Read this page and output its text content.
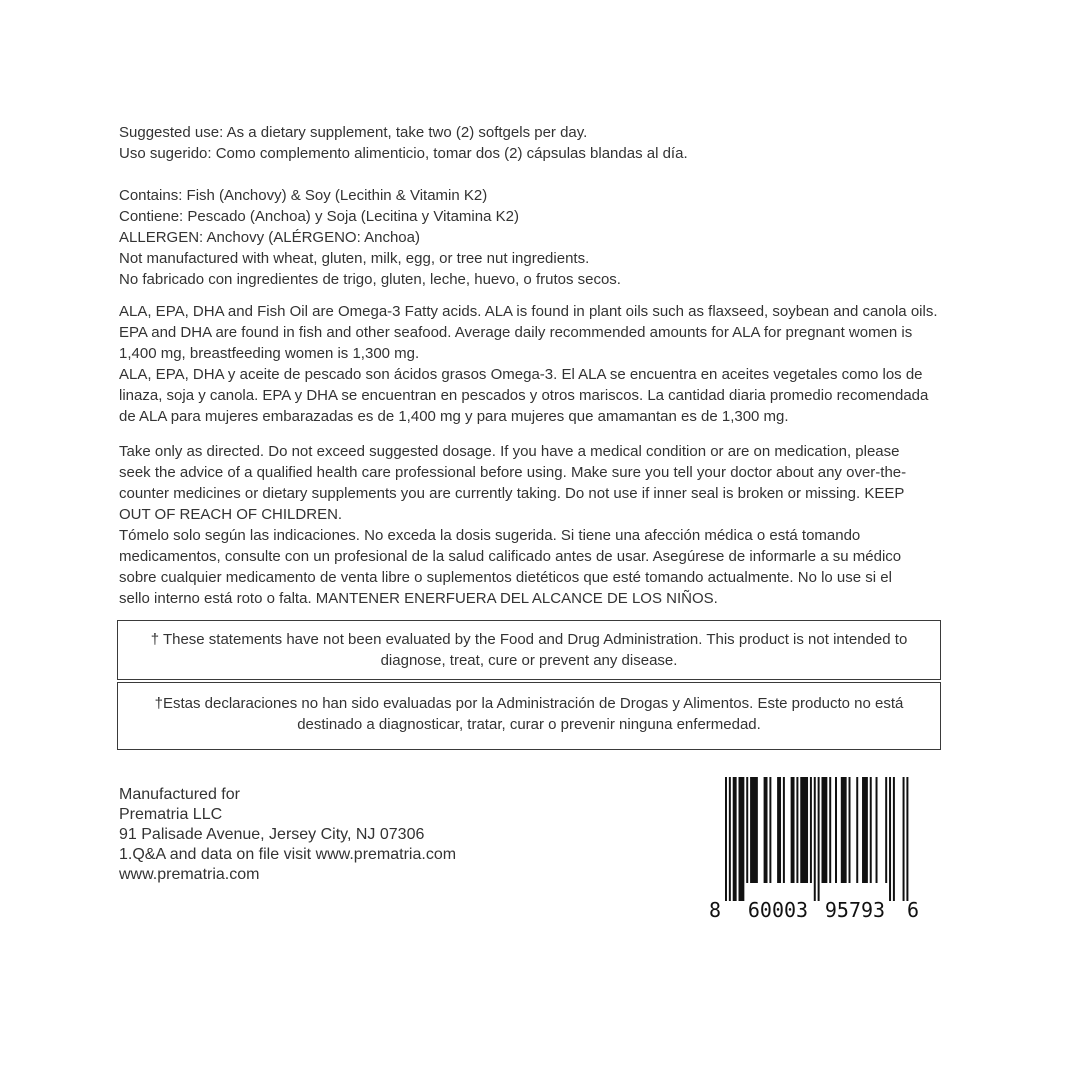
Suggested use: As a dietary supplement, take two (2) softgels per day.
Uso sugerido: Como complemento alimenticio, tomar dos (2) cápsulas blandas al día.
Contains: Fish (Anchovy) & Soy (Lecithin & Vitamin K2)
Contiene: Pescado (Anchoa) y Soja (Lecitina y Vitamina K2)
ALLERGEN: Anchovy (ALÉRGENO: Anchoa)
Not manufactured with wheat, gluten, milk, egg, or tree nut ingredients.
No fabricado con ingredientes de trigo, gluten, leche, huevo, o frutos secos.
ALA, EPA, DHA and Fish Oil are Omega-3 Fatty acids. ALA is found in plant oils such as flaxseed, soybean and canola oils.
EPA and DHA are found in fish and other seafood. Average daily recommended amounts for ALA for pregnant women is
1,400 mg, breastfeeding women is 1,300 mg.
ALA, EPA, DHA y aceite de pescado son ácidos grasos Omega-3. El ALA se encuentra en aceites vegetales como los de
linaza, soja y canola. EPA y DHA se encuentran en pescados y otros mariscos. La cantidad diaria promedio recomendada
de ALA para mujeres embarazadas es de 1,400 mg y para mujeres que amamantan es de 1,300 mg.
Take only as directed. Do not exceed suggested dosage. If you have a medical condition or are on medication, please
seek the advice of a qualified health care professional before using. Make sure you tell your doctor about any over-the-
counter medicines or dietary supplements you are currently taking. Do not use if inner seal is broken or missing. KEEP
OUT OF REACH OF CHILDREN.
Tómelo solo según las indicaciones. No exceda la dosis sugerida. Si tiene una afección médica o está tomando
medicamentos, consulte con un profesional de la salud calificado antes de usar. Asegúrese de informarle a su médico
sobre cualquier medicamento de venta libre o suplementos dietéticos que esté tomando actualmente. No lo use si el
sello interno está roto o falta. MANTENER ENERFUERA DEL ALCANCE DE LOS NIÑOS.
† These statements have not been evaluated by the Food and Drug Administration. This product is not intended to
diagnose, treat, cure or prevent any disease.
†Estas declaraciones no han sido evaluadas por la Administración de Drogas y Alimentos. Este producto no está
destinado a diagnosticar, tratar, curar o prevenir ninguna enfermedad.
Manufactured for
Prematria LLC
91 Palisade Avenue, Jersey City, NJ 07306
1.Q&A and data on file visit www.prematria.com
www.prematria.com
8 60003 95793 6
